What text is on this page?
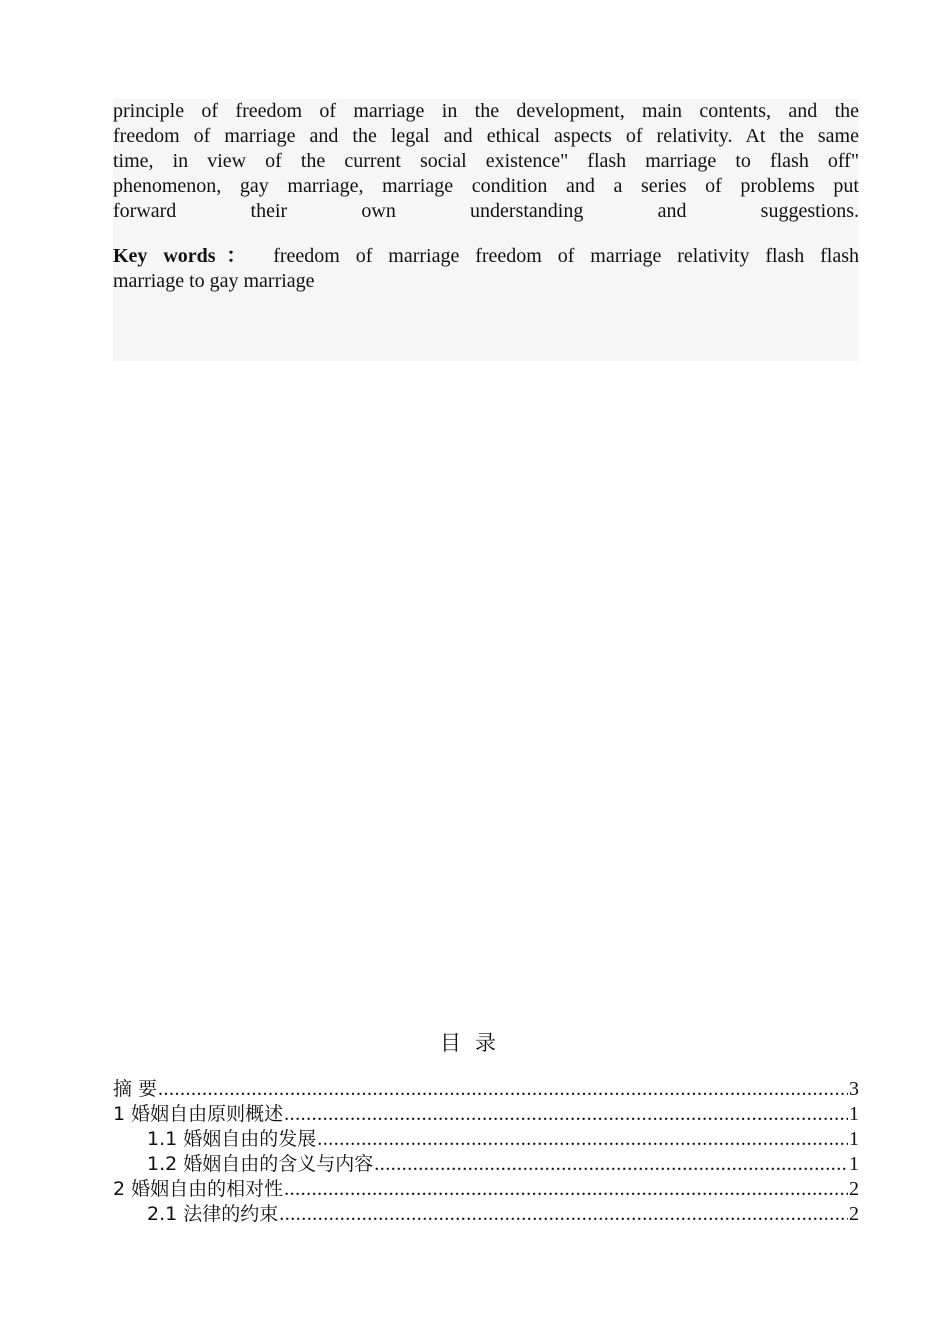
principle of freedom of marriage in the development, main contents, and the

freedom of marriage and the legal and ethical aspects of relativity. At the same

time, in view of the current social existence" flash marriage to flash off"

phenomenon, gay marriage, marriage condition and a series of problems put

forward their own understanding and suggestions.

Key words： freedom of marriage freedom of marriage relativity flash flash
marriage to gay marriage
目录
摘 要 .....	3
1 婚姻自由原则概述 .....	1
1.1 婚姻自由的发展 .....	1
1.2 婚姻自由的含义与内容 .....	1
2 婚姻自由的相对性 .....	2
2.1 法律的约束 .....	2
